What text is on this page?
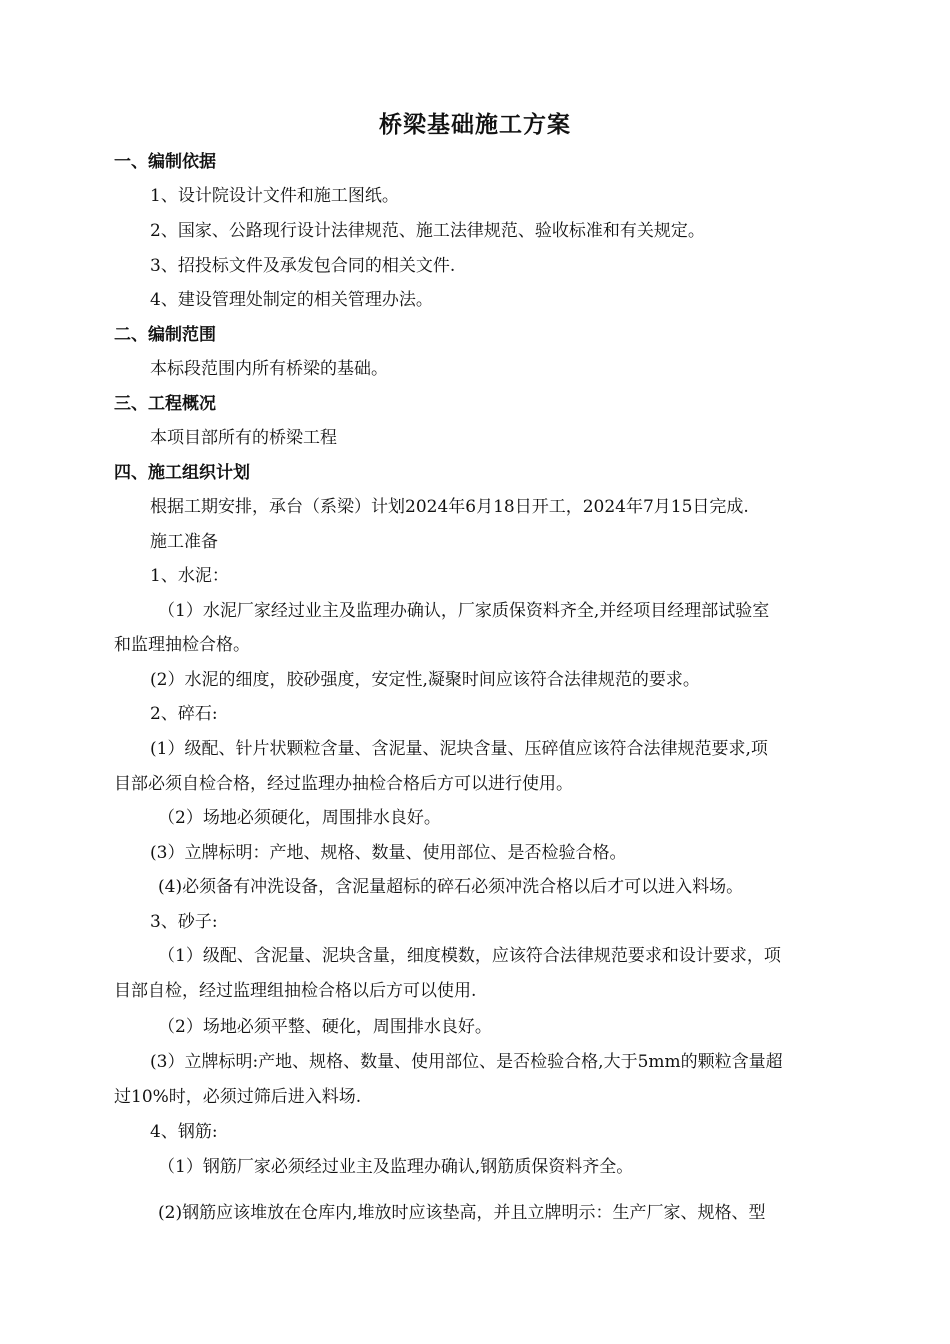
桥梁基础施工方案
一、编制依据
1、设计院设计文件和施工图纸。
2、国家、公路现行设计法律规范、施工法律规范、验收标准和有关规定。
3、招投标文件及承发包合同的相关文件.
4、建设管理处制定的相关管理办法。
二、编制范围
本标段范围内所有桥梁的基础。
三、工程概况
本项目部所有的桥梁工程
四、施工组织计划
根据工期安排，承台（系梁）计划2024年6月18日开工，2024年7月15日完成.
施工准备
1、水泥：
（1）水泥厂家经过业主及监理办确认，厂家质保资料齐全,并经项目经理部试验室
和监理抽检合格。
(2）水泥的细度，胶砂强度，安定性,凝聚时间应该符合法律规范的要求。
2、碎石:
(1）级配、针片状颗粒含量、含泥量、泥块含量、压碎值应该符合法律规范要求,项
目部必须自检合格，经过监理办抽检合格后方可以进行使用。
（2）场地必须硬化，周围排水良好。
(3）立牌标明：产地、规格、数量、使用部位、是否检验合格。
(4)必须备有冲洗设备，含泥量超标的碎石必须冲洗合格以后才可以进入料场。
3、砂子:
（1）级配、含泥量、泥块含量，细度模数，应该符合法律规范要求和设计要求，项
目部自检，经过监理组抽检合格以后方可以使用.
（2）场地必须平整、硬化，周围排水良好。
(3）立牌标明:产地、规格、数量、使用部位、是否检验合格,大于5mm的颗粒含量超
过10%时，必须过筛后进入料场.
4、钢筋:
（1）钢筋厂家必须经过业主及监理办确认,钢筋质保资料齐全。
(2)钢筋应该堆放在仓库内,堆放时应该垫高，并且立牌明示：生产厂家、规格、型
